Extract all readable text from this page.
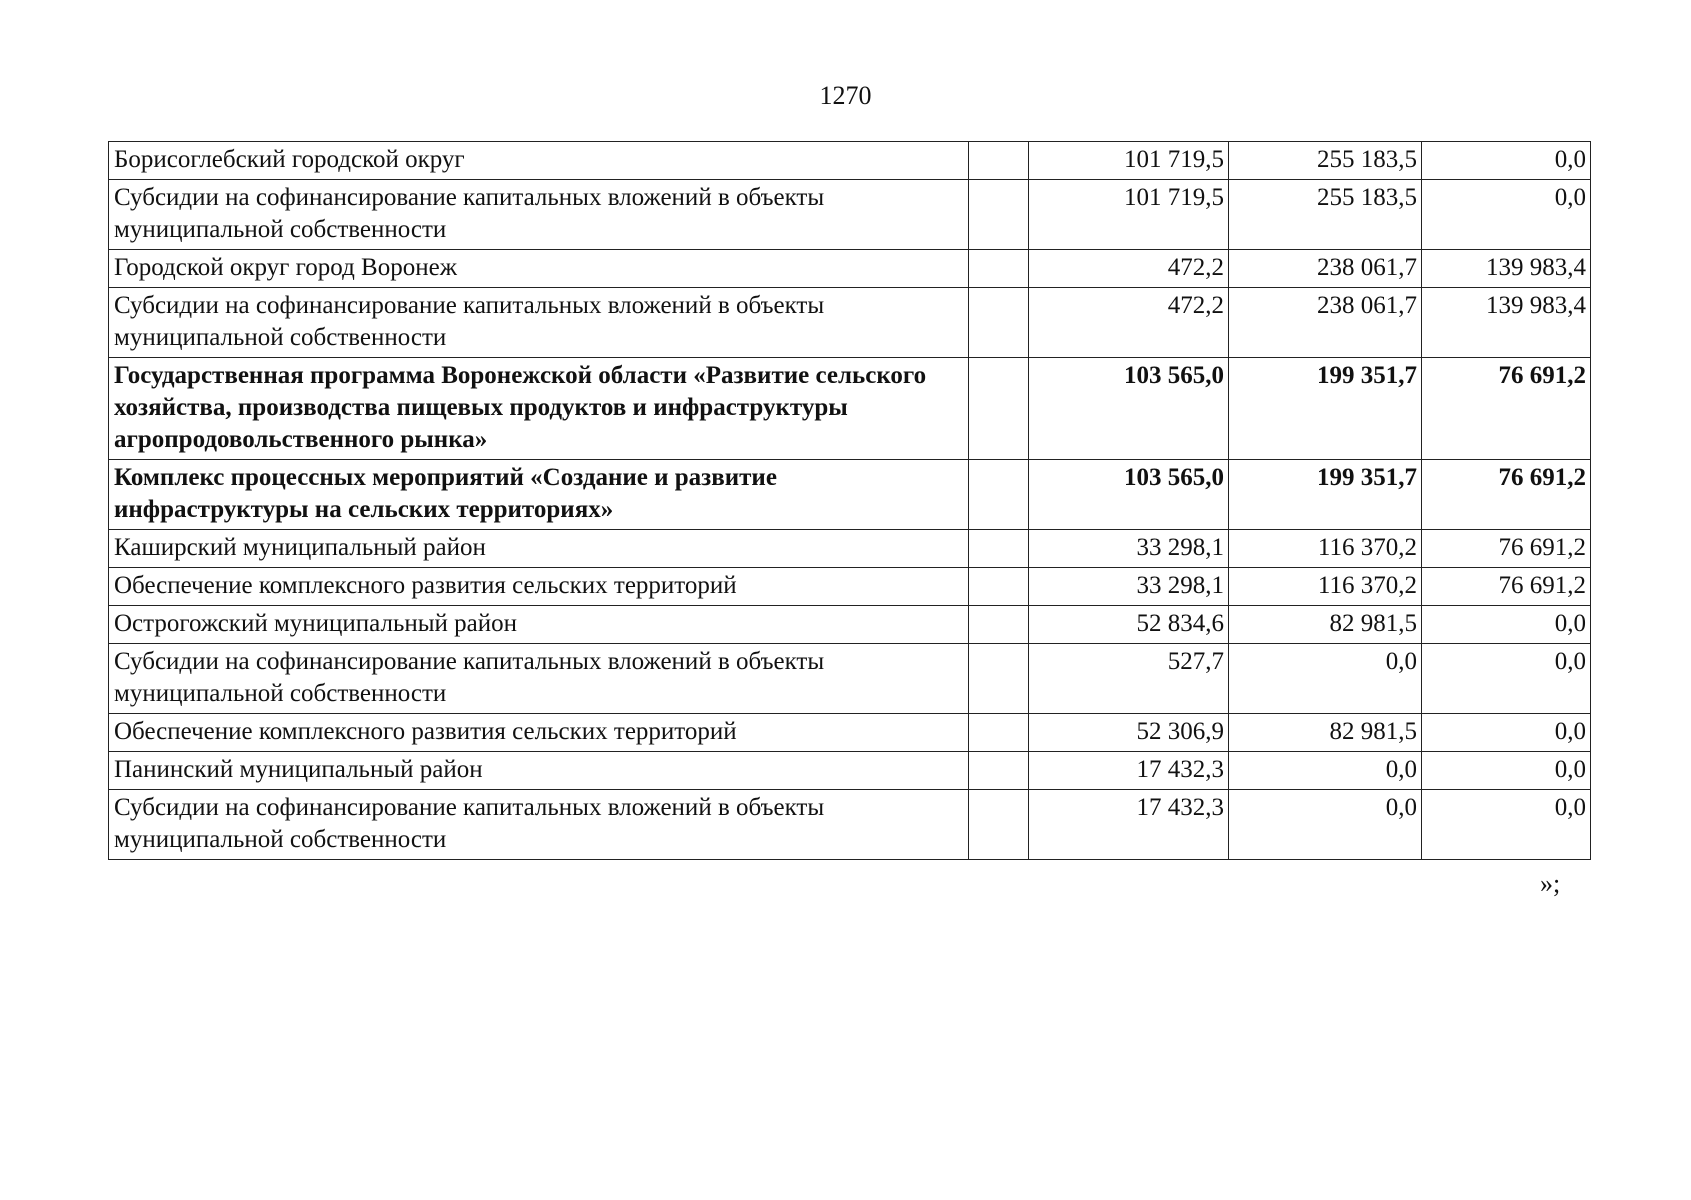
1270
Борисоглебский городской округ		101 719,5	255 183,5	0,0
Субсидии на софинансирование капитальных вложений в объекты муниципальной собственности		101 719,5	255 183,5	0,0
Городской округ город Воронеж		472,2	238 061,7	139 983,4
Субсидии на софинансирование капитальных вложений в объекты муниципальной собственности		472,2	238 061,7	139 983,4
Государственная программа Воронежской области «Развитие сельского хозяйства, производства пищевых продуктов и инфраструктуры агропродовольственного рынка»		103 565,0	199 351,7	76 691,2
Комплекс процессных мероприятий «Создание и развитие инфраструктуры на сельских территориях»		103 565,0	199 351,7	76 691,2
Каширский муниципальный район		33 298,1	116 370,2	76 691,2
Обеспечение комплексного развития сельских территорий		33 298,1	116 370,2	76 691,2
Острогожский муниципальный район		52 834,6	82 981,5	0,0
Субсидии на софинансирование капитальных вложений в объекты муниципальной собственности		527,7	0,0	0,0
Обеспечение комплексного развития сельских территорий		52 306,9	82 981,5	0,0
Панинский муниципальный район		17 432,3	0,0	0,0
Субсидии на софинансирование капитальных вложений в объекты муниципальной собственности		17 432,3	0,0	0,0
»;
